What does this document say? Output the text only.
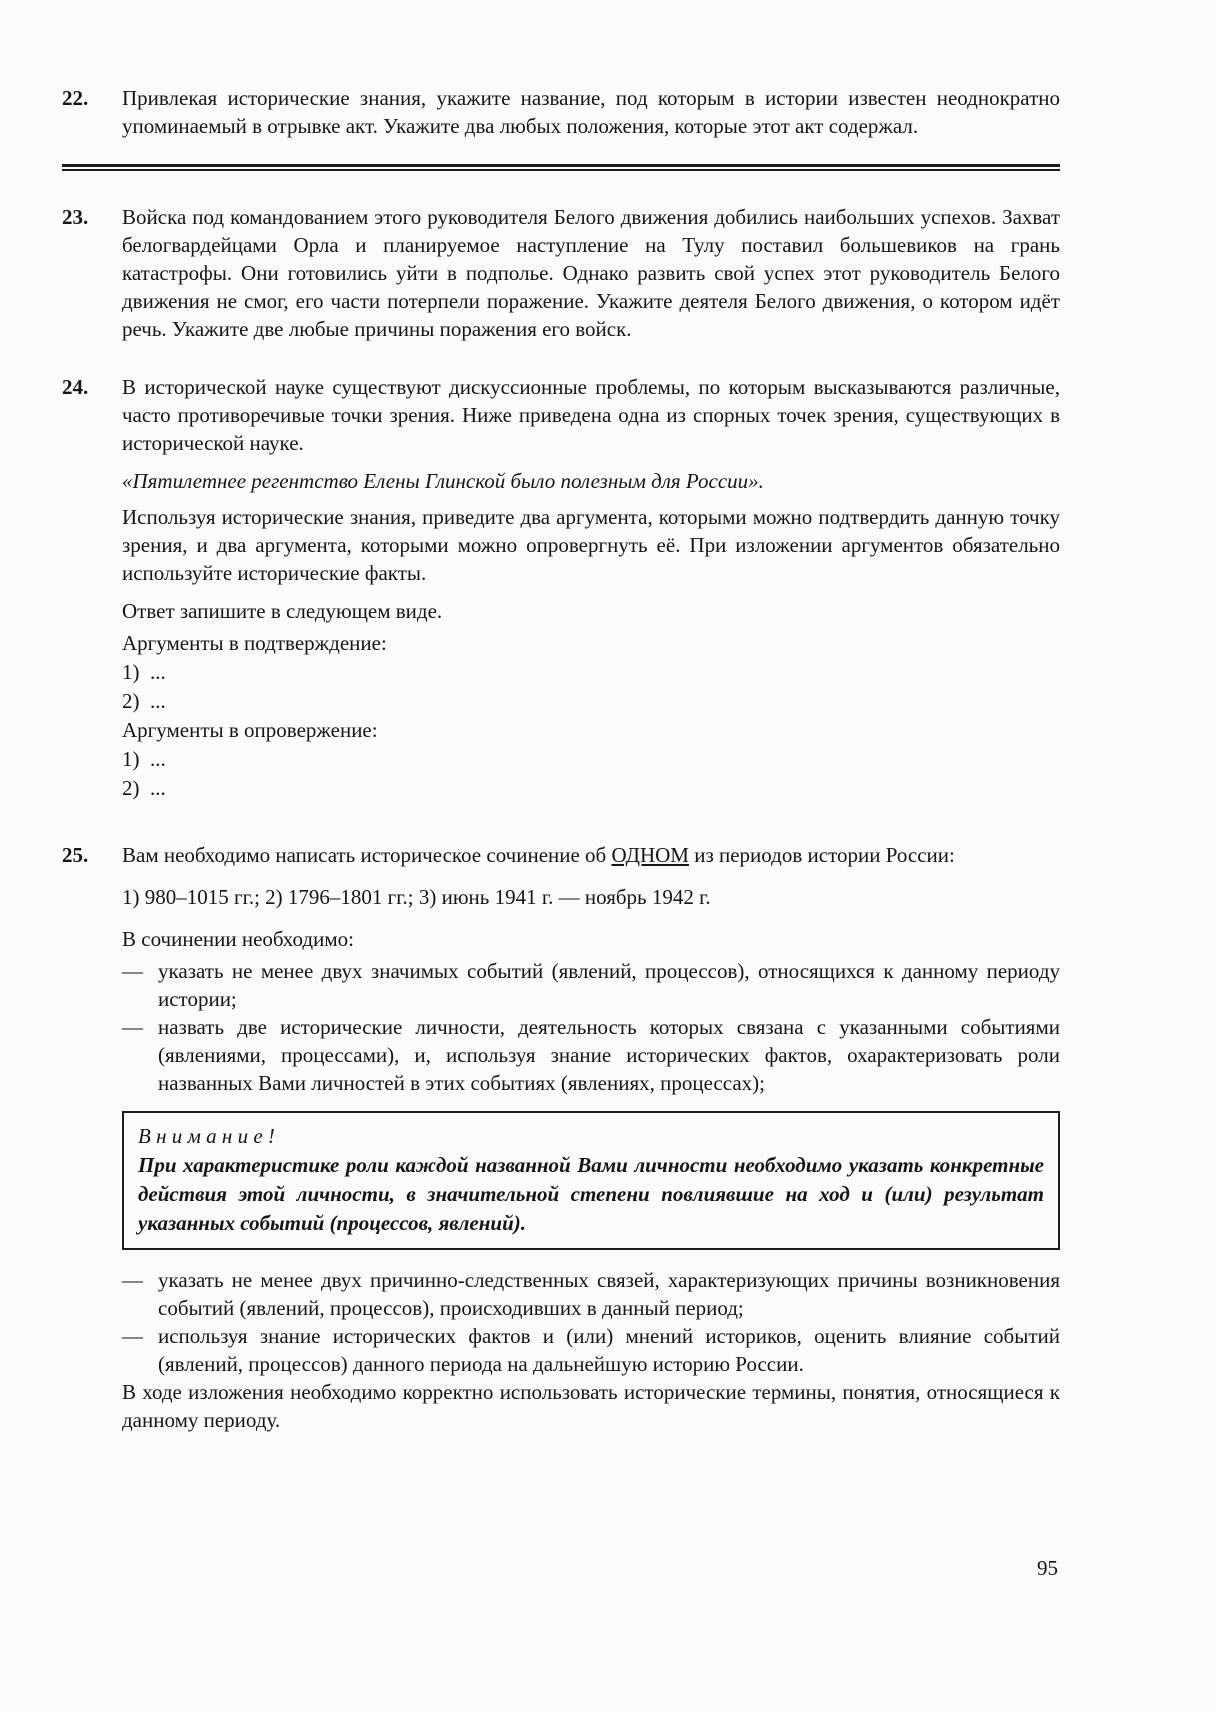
22.	Привлекая исторические знания, укажите название, под которым в истории известен неоднократно упоминаемый в отрывке акт. Укажите два любых положения, которые этот акт содержал.

23.	Войска под командованием этого руководителя Белого движения добились наибольших успехов. Захват белогвардейцами Орла и планируемое наступление на Тулу поставил большевиков на грань катастрофы. Они готовились уйти в подполье. Однако развить свой успех этот руководитель Белого движения не смог, его части потерпели поражение. Укажите деятеля Белого движения, о котором идёт речь. Укажите две любые причины поражения его войск.

24.	В исторической науке существуют дискуссионные проблемы, по которым высказываются различные, часто противоречивые точки зрения. Ниже приведена одна из спорных точек зрения, существующих в исторической науке.

«Пятилетнее регентство Елены Глинской было полезным для России».

Используя исторические знания, приведите два аргумента, которыми можно подтвердить данную точку зрения, и два аргумента, которыми можно опровергнуть её. При изложении аргументов обязательно используйте исторические факты.

Ответ запишите в следующем виде.

Аргументы в подтверждение:
1)  ...
2)  ...
Аргументы в опровержение:
1)  ...
2)  ...
25.	Вам необходимо написать историческое сочинение об ОДНОМ из периодов истории России:

1) 980–1015 гг.; 2) 1796–1801 гг.; 3) июнь 1941 г. — ноябрь 1942 г.

В сочинении необходимо:

— указать не менее двух значимых событий (явлений, процессов), относящихся к данному периоду истории;
— назвать две исторические личности, деятельность которых связана с указанными событиями (явлениями, процессами), и, используя знание исторических фактов, охарактеризовать роли названных Вами личностей в этих событиях (явлениях, процессах);
В н и м а н и е !
При характеристике роли каждой названной Вами личности необходимо указать конкретные действия этой личности, в значительной степени повлиявшие на ход и (или) результат указанных событий (процессов, явлений).
— указать не менее двух причинно-следственных связей, характеризующих причины возникновения событий (явлений, процессов), происходивших в данный период;
— используя знание исторических фактов и (или) мнений историков, оценить влияние событий (явлений, процессов) данного периода на дальнейшую историю России.

В ходе изложения необходимо корректно использовать исторические термины, понятия, относящиеся к данному периоду.

95
